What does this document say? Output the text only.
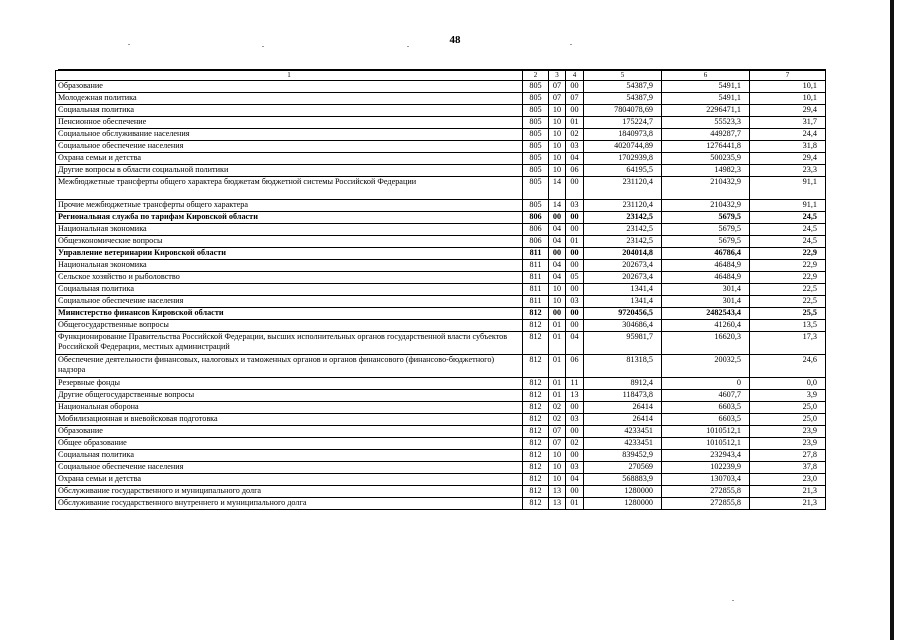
48
1	2	3	4	5	6	7
Образование	805	07	00	54387,9	5491,1	10,1
Молодежная политика	805	07	07	54387,9	5491,1	10,1
Социальная политика	805	10	00	7804078,69	2296471,1	29,4
Пенсионное обеспечение	805	10	01	175224,7	55523,3	31,7
Социальное обслуживание населения	805	10	02	1840973,8	449287,7	24,4
Социальное обеспечение населения	805	10	03	4020744,89	1276441,8	31,8
Охрана семьи и детства	805	10	04	1702939,8	500235,9	29,4
Другие вопросы в области социальной политики	805	10	06	64195,5	14982,3	23,3
Межбюджетные трансферты общего характера бюджетам бюджетной системы Российской Федерации	805	14	00	231120,4	210432,9	91,1
Прочие межбюджетные трансферты общего характера	805	14	03	231120,4	210432,9	91,1
Региональная служба по тарифам Кировской области	806	00	00	23142,5	5679,5	24,5
Национальная экономика	806	04	00	23142,5	5679,5	24,5
Общеэкономические вопросы	806	04	01	23142,5	5679,5	24,5
Управление ветеринарии Кировской области	811	00	00	204014,8	46786,4	22,9
Национальная экономика	811	04	00	202673,4	46484,9	22,9
Сельское хозяйство и рыболовство	811	04	05	202673,4	46484,9	22,9
Социальная политика	811	10	00	1341,4	301,4	22,5
Социальное обеспечение населения	811	10	03	1341,4	301,4	22,5
Министерство финансов Кировской области	812	00	00	9720456,5	2482543,4	25,5
Общегосударственные вопросы	812	01	00	304686,4	41260,4	13,5
Функционирование Правительства Российской Федерации, высших исполнительных органов государственной власти субъектов Российской Федерации, местных администраций	812	01	04	95981,7	16620,3	17,3
Обеспечение деятельности финансовых, налоговых и таможенных органов и органов финансового (финансово-бюджетного) надзора	812	01	06	81318,5	20032,5	24,6
Резервные фонды	812	01	11	8912,4	0	0,0
Другие общегосударственные вопросы	812	01	13	118473,8	4607,7	3,9
Национальная оборона	812	02	00	26414	6603,5	25,0
Мобилизационная и вневойсковая подготовка	812	02	03	26414	6603,5	25,0
Образование	812	07	00	4233451	1010512,1	23,9
Общее образование	812	07	02	4233451	1010512,1	23,9
Социальная политика	812	10	00	839452,9	232943,4	27,8
Социальное обеспечение населения	812	10	03	270569	102239,9	37,8
Охрана семьи и детства	812	10	04	568883,9	130703,4	23,0
Обслуживание государственного и муниципального долга	812	13	00	1280000	272855,8	21,3
Обслуживание государственного внутреннего и муниципального долга	812	13	01	1280000	272855,8	21,3
